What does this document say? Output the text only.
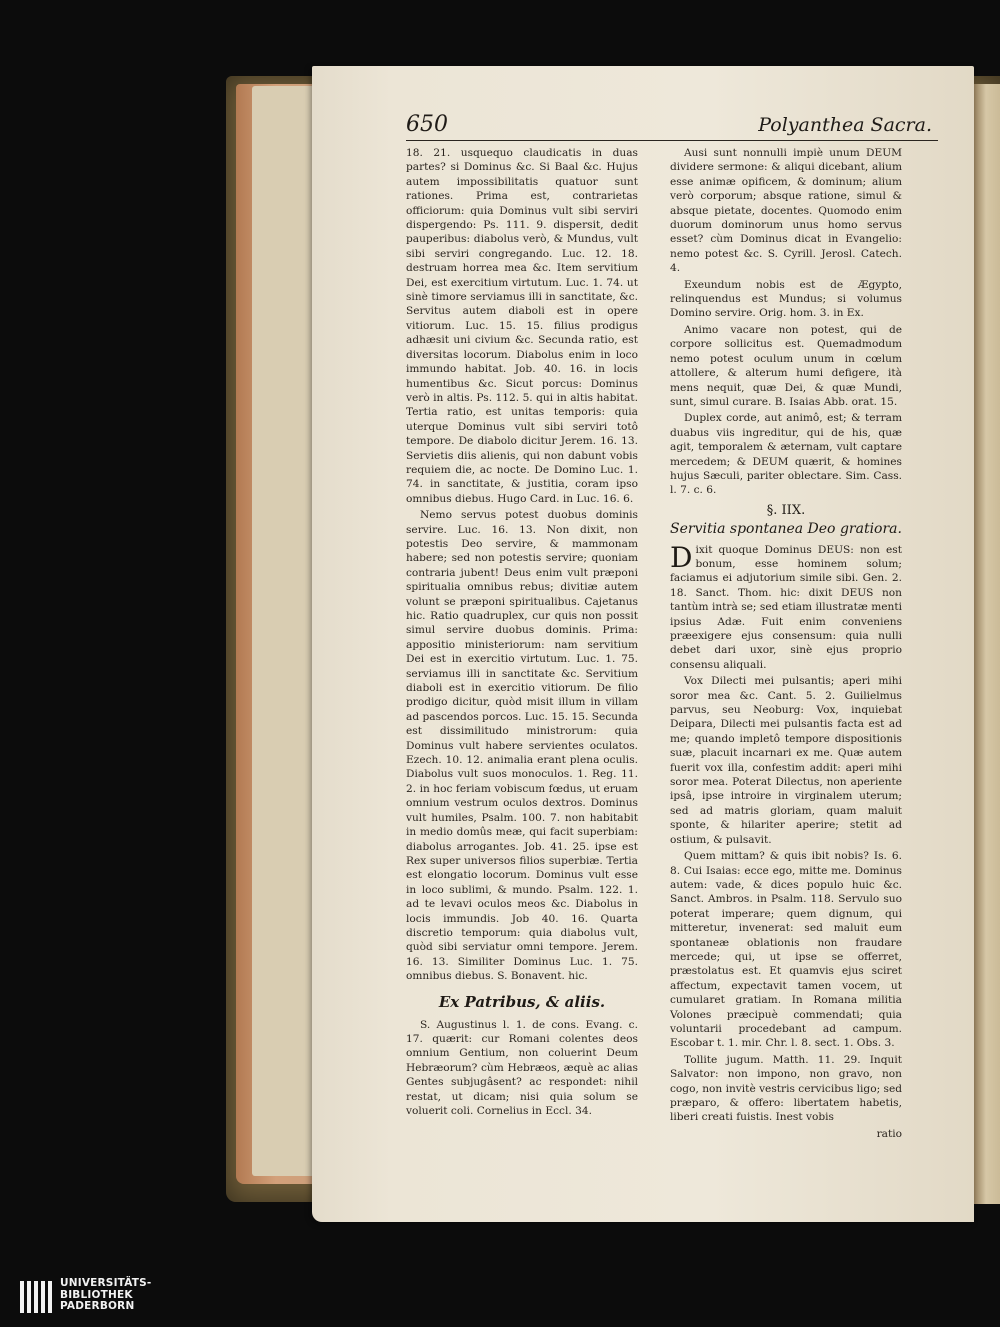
650	Polyanthea Sacra.

18. 21. usquequo claudicatis in duas partes? si Dominus &c. Si Baal &c. Hujus autem impossibilitatis quatuor sunt rationes. Prima est, contrarietas officiorum: quia Dominus vult sibi serviri dispergendo: Ps. 111. 9. dispersit, dedit pauperibus: diabolus verò, & Mundus, vult sibi serviri congregando. Luc. 12. 18. destruam horrea mea &c. Item servitium Dei, est exercitium virtutum. Luc. 1. 74. ut sinè timore serviamus illi in sanctitate, &c. Servitus autem diaboli est in opere vitiorum. Luc. 15. 15. filius prodigus adhæsit uni civium &c. Secunda ratio, est diversitas locorum. Diabolus enim in loco immundo habitat. Job. 40. 16. in locis humentibus &c. Sicut porcus: Dominus verò in altis. Ps. 112. 5. qui in altis habitat. Tertia ratio, est unitas temporis: quia uterque Dominus vult sibi serviri totô tempore. De diabolo dicitur Jerem. 16. 13. Servietis diis alienis, qui non dabunt vobis requiem die, ac nocte. De Domino Luc. 1. 74. in sanctitate, & justitia, coram ipso omnibus diebus. Hugo Card. in Luc. 16. 6.

Nemo servus potest duobus dominis servire. Luc. 16. 13. Non dixit, non potestis Deo servire, & mammonam habere; sed non potestis servire; quoniam contraria jubent! Deus enim vult præponi spiritualia omnibus rebus; divitiæ autem volunt se præponi spiritualibus. Cajetanus hic. Ratio quadruplex, cur quis non possit simul servire duobus dominis. Prima: appositio ministeriorum: nam servitium Dei est in exercitio virtutum. Luc. 1. 75. serviamus illi in sanctitate &c. Servitium diaboli est in exercitio vitiorum. De filio prodigo dicitur, quòd misit illum in villam ad pascendos porcos. Luc. 15. 15. Secunda est dissimilitudo ministrorum: quia Dominus vult habere servientes oculatos. Ezech. 10. 12. animalia erant plena oculis. Diabolus vult suos monoculos. 1. Reg. 11. 2. in hoc feriam vobiscum fœdus, ut eruam omnium vestrum oculos dextros. Dominus vult humiles, Psalm. 100. 7. non habitabit in medio domûs meæ, qui facit superbiam: diabolus arrogantes. Job. 41. 25. ipse est Rex super universos filios superbiæ. Tertia est elongatio locorum. Dominus vult esse in loco sublimi, & mundo. Psalm. 122. 1. ad te levavi oculos meos &c. Diabolus in locis immundis. Job 40. 16. Quarta discretio temporum: quia diabolus vult, quòd sibi serviatur omni tempore. Jerem. 16. 13. Similiter Dominus Luc. 1. 75. omnibus diebus. S. Bonavent. hic.

Ex Patribus, & aliis.

S. Augustinus l. 1. de cons. Evang. c. 17. quærit: cur Romani colentes deos omnium Gentium, non coluerint Deum Hebræorum? cùm Hebræos, æquè ac alias Gentes subjugâsent? ac respondet: nihil restat, ut dicam; nisi quia solum se voluerit coli. Cornelius in Eccl. 34.

Ausi sunt nonnulli impiè unum DEUM dividere sermone: & aliqui dicebant, alium esse animæ opificem, & dominum; alium verò corporum; absque ratione, simul & absque pietate, docentes. Quomodo enim duorum dominorum unus homo servus esset? cùm Dominus dicat in Evangelio: nemo potest &c. S. Cyrill. Jerosl. Catech. 4.

Exeundum nobis est de Ægypto, relinquendus est Mundus; si volumus Domino servire. Orig. hom. 3. in Ex.

Animo vacare non potest, qui de corpore sollicitus est. Quemadmodum nemo potest oculum unum in cœlum attollere, & alterum humi defigere, ità mens nequit, quæ Dei, & quæ Mundi, sunt, simul curare. B. Isaias Abb. orat. 15.

Duplex corde, aut animô, est; & terram duabus viis ingreditur, qui de his, quæ agit, temporalem & æternam, vult captare mercedem; & DEUM quærit, & homines hujus Sæculi, pariter oblectare. Sim. Cass. l. 7. c. 6.

§. IIX.
Servitia spontanea Deo gratiora.

Dixit quoque Dominus DEUS: non est bonum, esse hominem solum; faciamus ei adjutorium simile sibi. Gen. 2. 18. Sanct. Thom. hic: dixit DEUS non tantùm intrà se; sed etiam illustratæ menti ipsius Adæ. Fuit enim conveniens præexigere ejus consensum: quia nulli debet dari uxor, sinè ejus proprio consensu aliquali.

Vox Dilecti mei pulsantis; aperi mihi soror mea &c. Cant. 5. 2. Guilielmus parvus, seu Neoburg: Vox, inquiebat Deipara, Dilecti mei pulsantis facta est ad me; quando impletô tempore dispositionis suæ, placuit incarnari ex me. Quæ autem fuerit vox illa, confestim addit: aperi mihi soror mea. Poterat Dilectus, non aperiente ipsâ, ipse introire in virginalem uterum; sed ad matris gloriam, quam maluit sponte, & hilariter aperire; stetit ad ostium, & pulsavit.

Quem mittam? & quis ibit nobis? Is. 6. 8. Cui Isaias: ecce ego, mitte me. Dominus autem: vade, & dices populo huic &c. Sanct. Ambros. in Psalm. 118. Servulo suo poterat imperare; quem dignum, qui mitteretur, invenerat: sed maluit eum spontaneæ oblationis non fraudare mercede; qui, ut ipse se offerret, præstolatus est. Et quamvis ejus sciret affectum, expectavit tamen vocem, ut cumularet gratiam. In Romana militia Volones præcipuè commendati; quia voluntarii procedebant ad campum. Escobar t. 1. mir. Chr. l. 8. sect. 1. Obs. 3.

Tollite jugum. Matth. 11. 29. Inquit Salvator: non impono, non gravo, non cogo, non invitè vestris cervicibus ligo; sed præparo, & offero: libertatem habetis, liberi creati fuistis. Inest vobis

ratio
UNIVERSITÄTS-
BIBLIOTHEK
PADERBORN
